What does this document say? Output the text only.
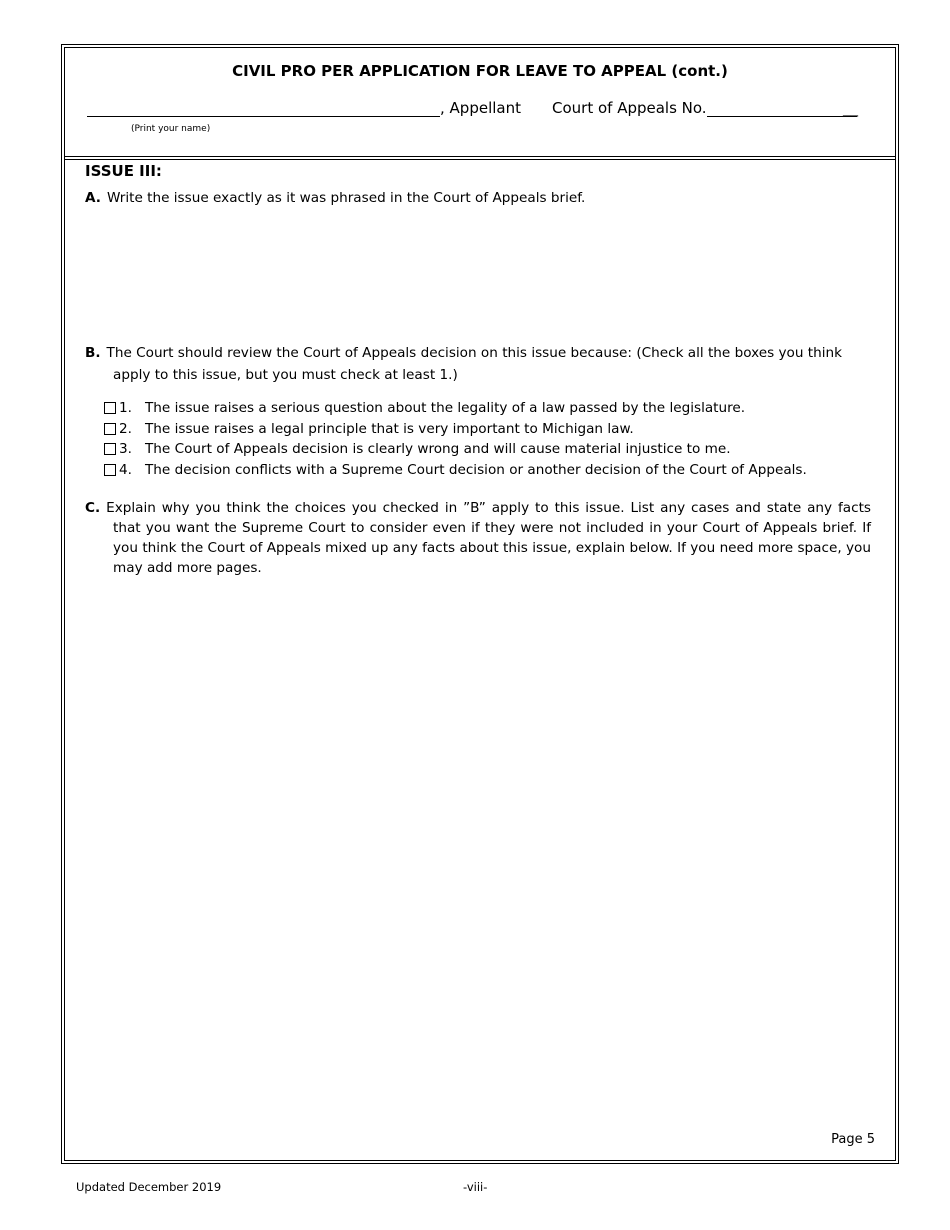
CIVIL PRO PER APPLICATION FOR LEAVE TO APPEAL (cont.)
, Appellant Court of Appeals No.	__
(Print your name)
ISSUE III:
A. Write the issue exactly as it was phrased in the Court of Appeals brief.
B. The Court should review the Court of Appeals decision on this issue because: (Check all the boxes you think apply to this issue, but you must check at least 1.)
1. The issue raises a serious question about the legality of a law passed by the legislature.
2. The issue raises a legal principle that is very important to Michigan law.
3. The Court of Appeals decision is clearly wrong and will cause material injustice to me.
4. The decision conflicts with a Supreme Court decision or another decision of the Court of Appeals.
C. Explain why you think the choices you checked in ”B” apply to this issue. List any cases and state any facts that you want the Supreme Court to consider even if they were not included in your Court of Appeals brief. If you think the Court of Appeals mixed up any facts about this issue, explain below. If you need more space, you may add more pages.
Page 5
Updated December 2019	-viii-
